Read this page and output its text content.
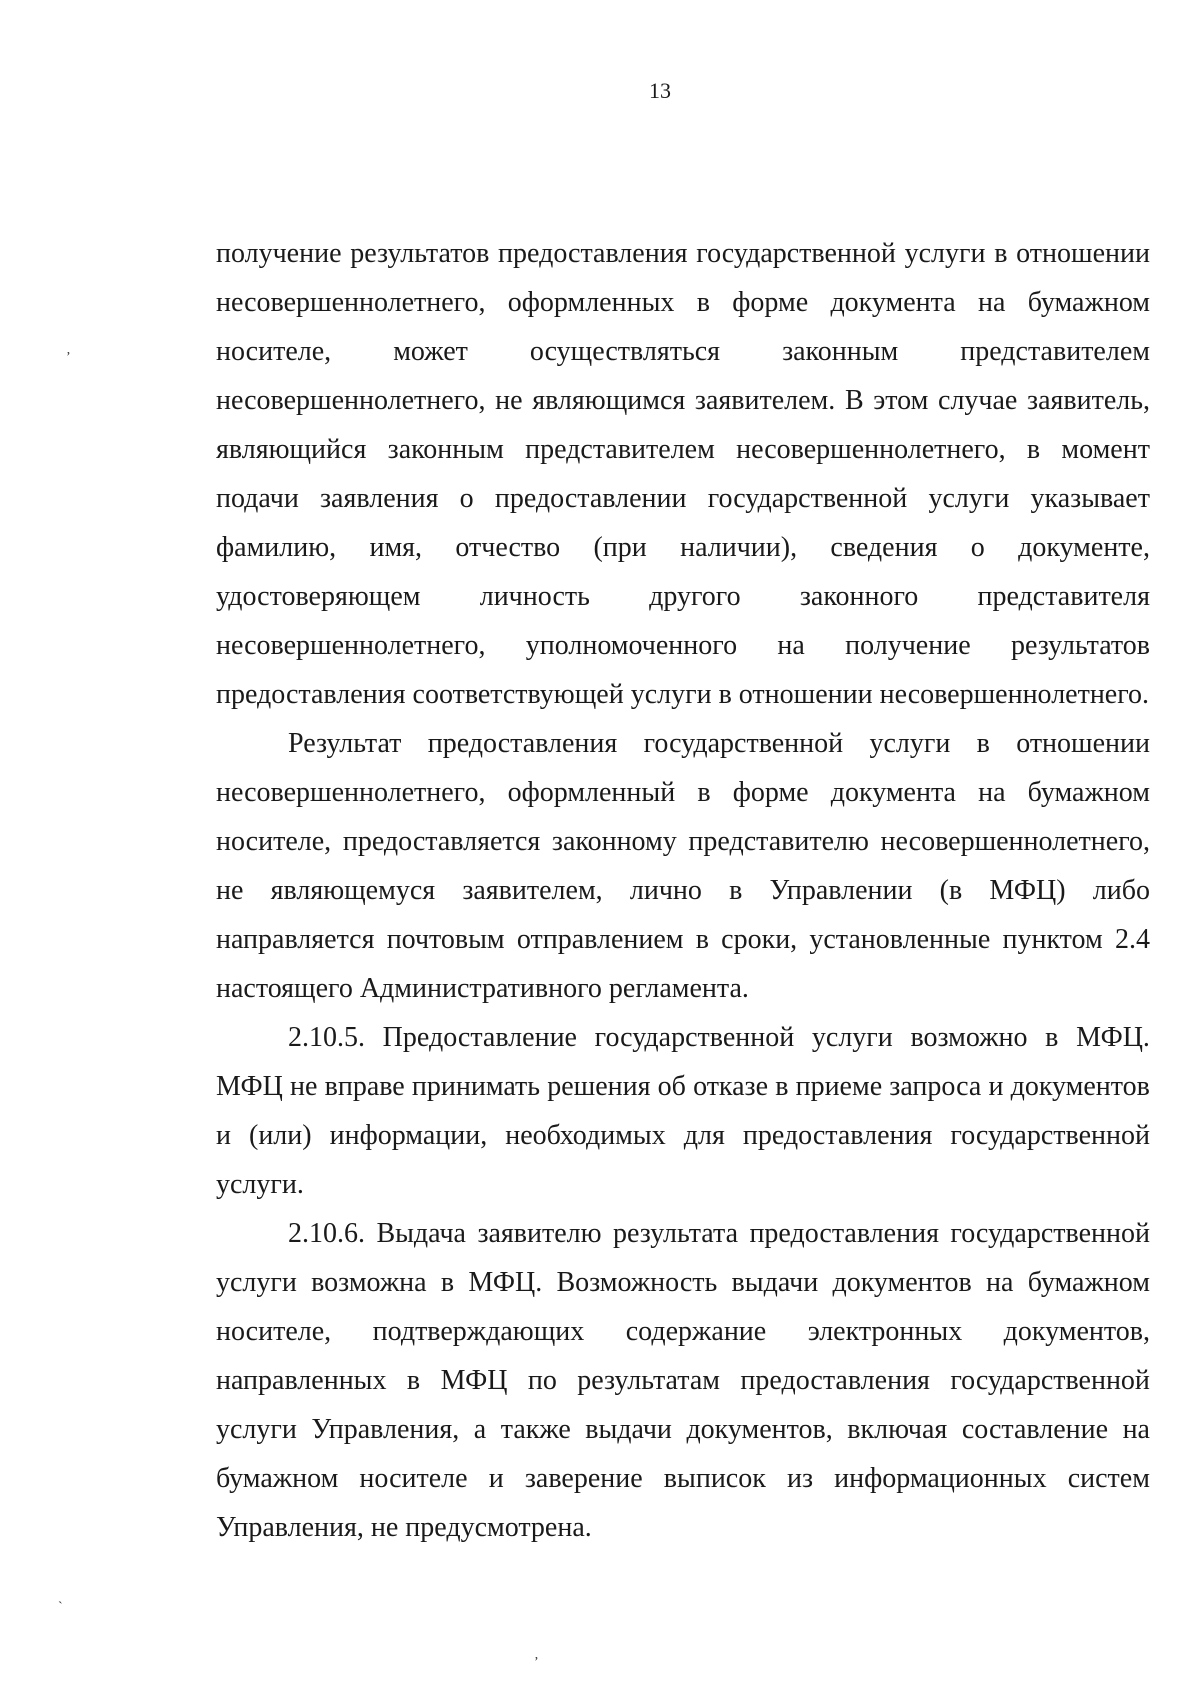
13
’
`
’
получение результатов предоставления государственной услуги в отношении
несовершеннолетнего, оформленных в форме документа на бумажном
носителе, может осуществляться законным представителем
несовершеннолетнего, не являющимся заявителем. В этом случае заявитель,
являющийся законным представителем несовершеннолетнего, в момент
подачи заявления о предоставлении государственной услуги указывает
фамилию, имя, отчество (при наличии), сведения о документе,
удостоверяющем личность другого законного представителя
несовершеннолетнего, уполномоченного на получение результатов
предоставления соответствующей услуги в отношении несовершеннолетнего.
Результат предоставления государственной услуги в отношении
несовершеннолетнего, оформленный в форме документа на бумажном
носителе, предоставляется законному представителю несовершеннолетнего,
не являющемуся заявителем, лично в Управлении (в МФЦ) либо
направляется почтовым отправлением в сроки, установленные пунктом 2.4
настоящего Административного регламента.
2.10.5. Предоставление государственной услуги возможно в МФЦ.
МФЦ не вправе принимать решения об отказе в приеме запроса и документов
и (или) информации, необходимых для предоставления государственной
услуги.
2.10.6. Выдача заявителю результата предоставления государственной
услуги возможна в МФЦ. Возможность выдачи документов на бумажном
носителе, подтверждающих содержание электронных документов,
направленных в МФЦ по результатам предоставления государственной
услуги Управления, а также выдачи документов, включая составление на
бумажном носителе и заверение выписок из информационных систем
Управления, не предусмотрена.
